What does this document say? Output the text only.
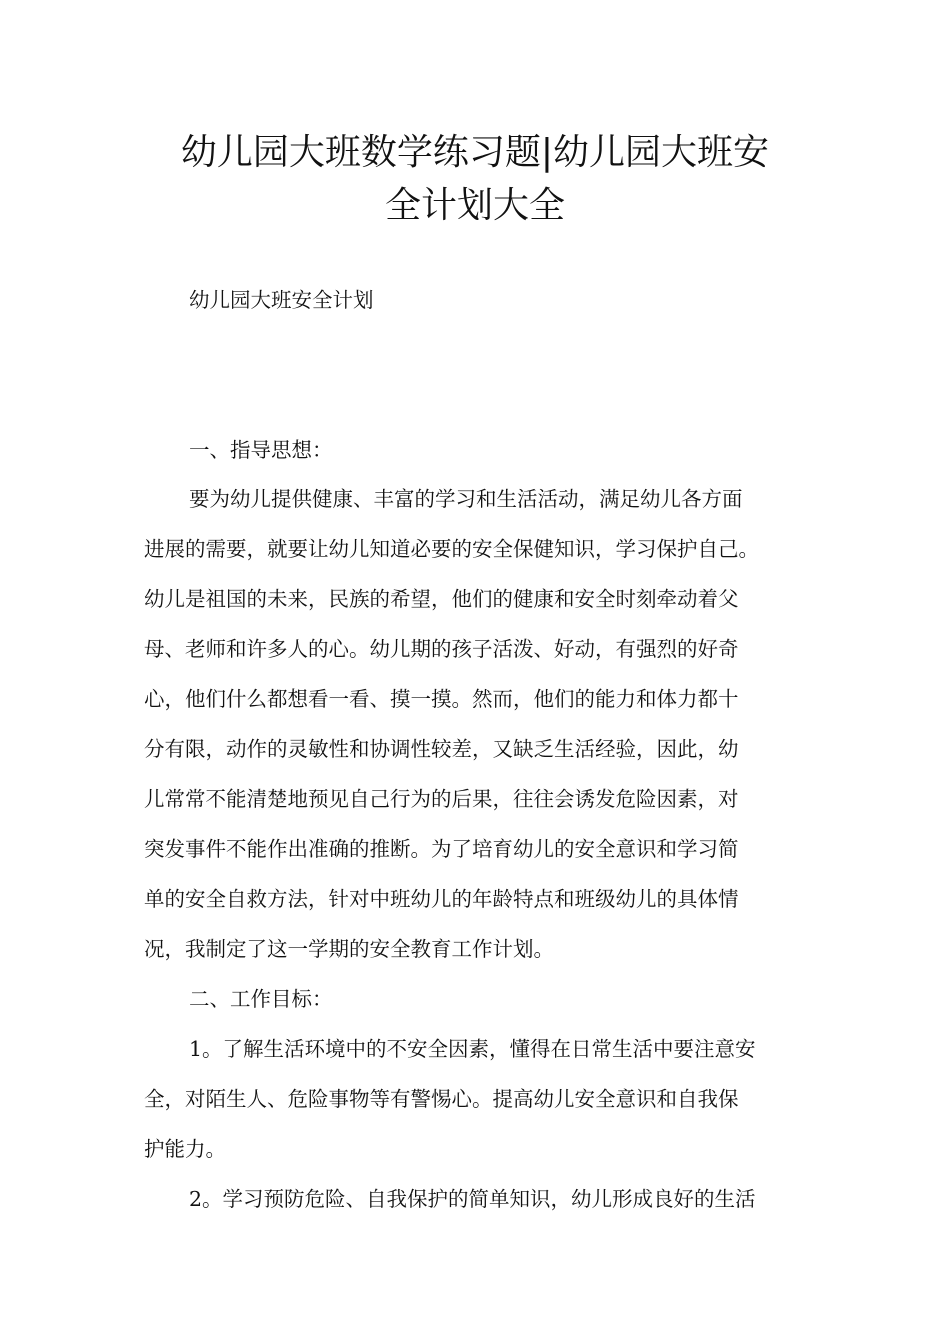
幼儿园大班数学练习题|幼儿园大班安
全计划大全

幼儿园大班安全计划

一、指导思想：

要为幼儿提供健康、丰富的学习和生活活动，满足幼儿各方面

进展的需要，就要让幼儿知道必要的安全保健知识，学习保护自己。

幼儿是祖国的未来，民族的希望，他们的健康和安全时刻牵动着父

母、老师和许多人的心。幼儿期的孩子活泼、好动，有强烈的好奇

心，他们什么都想看一看、摸一摸。然而，他们的能力和体力都十

分有限，动作的灵敏性和协调性较差，又缺乏生活经验，因此，幼

儿常常不能清楚地预见自己行为的后果，往往会诱发危险因素，对

突发事件不能作出准确的推断。为了培育幼儿的安全意识和学习简

单的安全自救方法，针对中班幼儿的年龄特点和班级幼儿的具体情

况，我制定了这一学期的安全教育工作计划。

二、工作目标：

1。了解生活环境中的不安全因素，懂得在日常生活中要注意安

全，对陌生人、危险事物等有警惕心。提高幼儿安全意识和自我保

护能力。

2。学习预防危险、自我保护的简单知识，幼儿形成良好的生活
